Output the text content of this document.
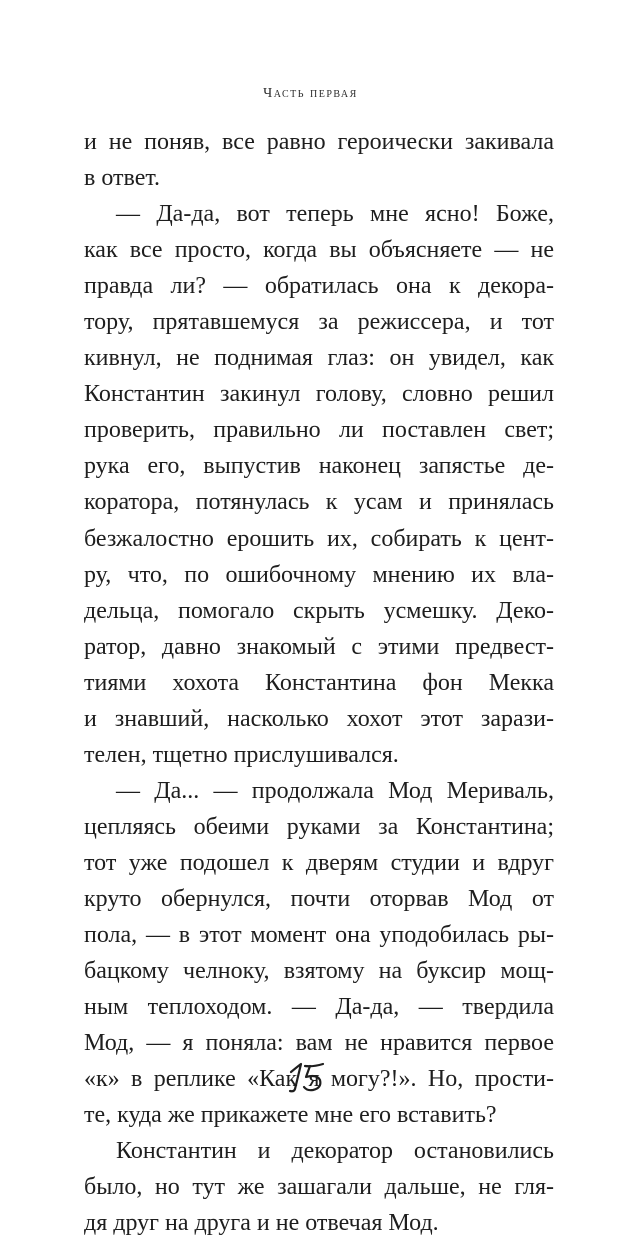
Часть первая
и не поняв, все равно героически закивала
в ответ.
— Да-да, вот теперь мне ясно! Боже,
как все просто, когда вы объясняете — не
правда ли? — обратилась она к декора-
тору, прятавшемуся за режиссера, и тот
кивнул, не поднимая глаз: он увидел, как
Константин закинул голову, словно решил
проверить, правильно ли поставлен свет;
рука его, выпустив наконец запястье де-
коратора, потянулась к усам и принялась
безжалостно ерошить их, собирать к цент-
ру, что, по ошибочному мнению их вла-
дельца, помогало скрыть усмешку. Деко-
ратор, давно знакомый с этими предвест-
тиями хохота Константина фон Мекка
и знавший, насколько хохот этот зарази-
телен, тщетно прислушивался.
— Да... — продолжала Мод Мериваль,
цепляясь обеими руками за Константина;
тот уже подошел к дверям студии и вдруг
круто обернулся, почти оторвав Мод от
пола, — в этот момент она уподобилась ры-
бацкому челноку, взятому на буксир мощ-
ным теплоходом. — Да-да, — твердила
Мод, — я поняла: вам не нравится первое
«к» в реплике «Как я могу?!». Но, прости-
те, куда же прикажете мне его вставить?
Константин и декоратор остановились
было, но тут же зашагали дальше, не гля-
дя друг на друга и не отвечая Мод.
